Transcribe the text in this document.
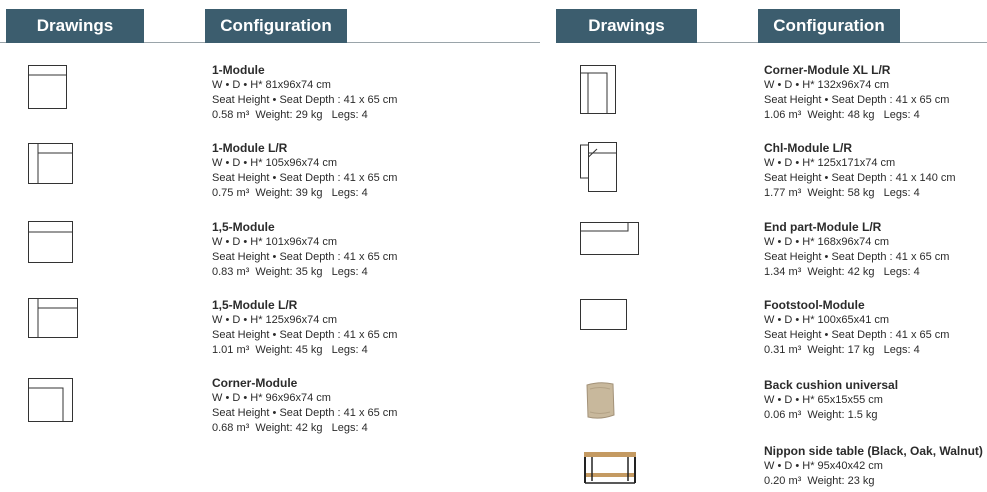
Drawings	Configuration	Drawings	Configuration
1-Module
W • D • H* 81x96x74 cm
Seat Height • Seat Depth : 41 x 65 cm
0.58 m³ Weight: 29 kg Legs: 4
1-Module L/R
W • D • H* 105x96x74 cm
Seat Height • Seat Depth : 41 x 65 cm
0.75 m³ Weight: 39 kg Legs: 4
1,5-Module
W • D • H* 101x96x74 cm
Seat Height • Seat Depth : 41 x 65 cm
0.83 m³ Weight: 35 kg Legs: 4
1,5-Module L/R
W • D • H* 125x96x74 cm
Seat Height • Seat Depth : 41 x 65 cm
1.01 m³ Weight: 45 kg Legs: 4
Corner-Module
W • D • H* 96x96x74 cm
Seat Height • Seat Depth : 41 x 65 cm
0.68 m³ Weight: 42 kg Legs: 4
Corner-Module XL L/R
W • D • H* 132x96x74 cm
Seat Height • Seat Depth : 41 x 65 cm
1.06 m³ Weight: 48 kg Legs: 4
Chl-Module L/R
W • D • H* 125x171x74 cm
Seat Height • Seat Depth : 41 x 140 cm
1.77 m³ Weight: 58 kg Legs: 4
End part-Module L/R
W • D • H* 168x96x74 cm
Seat Height • Seat Depth : 41 x 65 cm
1.34 m³ Weight: 42 kg Legs: 4
Footstool-Module
W • D • H* 100x65x41 cm
Seat Height • Seat Depth : 41 x 65 cm
0.31 m³ Weight: 17 kg Legs: 4
Back cushion universal
W • D • H* 65x15x55 cm
0.06 m³ Weight: 1.5 kg
Nippon side table (Black, Oak, Walnut)
W • D • H* 95x40x42 cm
0.20 m³ Weight: 23 kg
